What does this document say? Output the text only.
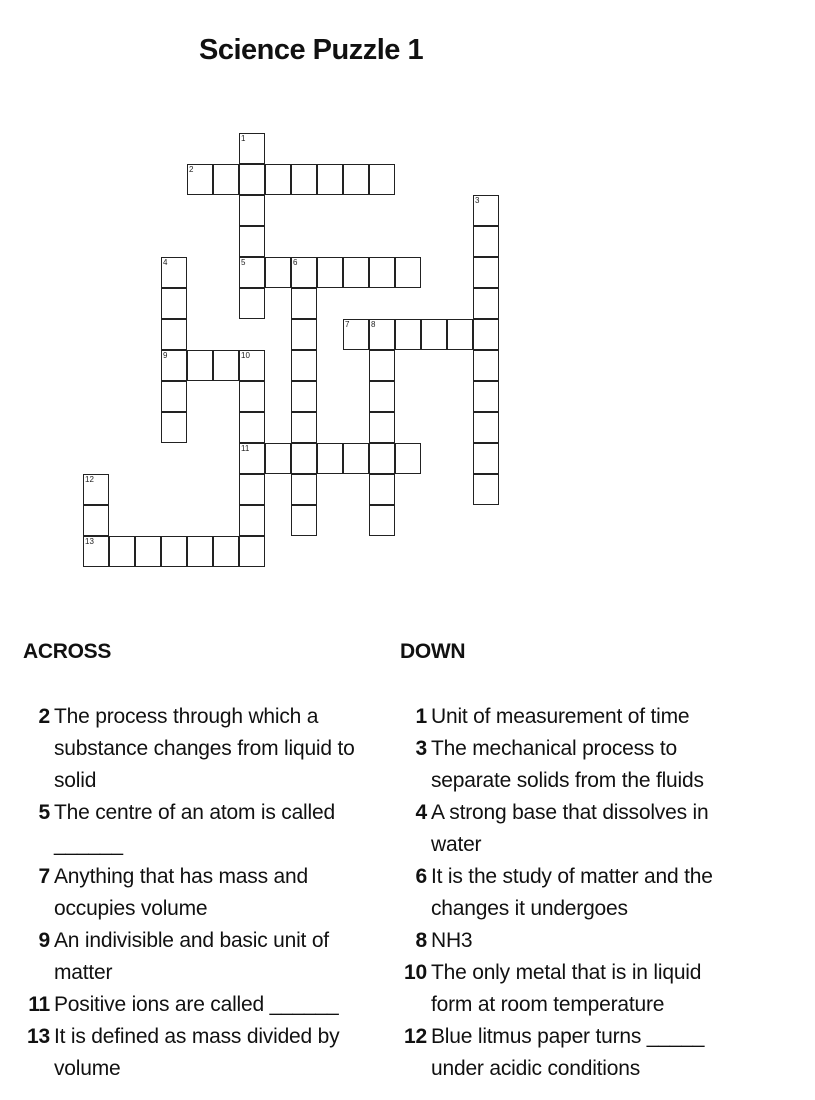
Science Puzzle 1
1
5
2
3
4
9
6
7	8
10
11
12
13
ACROSS	DOWN
2 The process through which a substance changes from liquid to solid
5 The centre of an atom is called ______
7 Anything that has mass and occupies volume
9 An indivisible and basic unit of matter
11 Positive ions are called ______
13 It is defined as mass divided by volume
1 Unit of measurement of time
3 The mechanical process to separate solids from the fluids
4 A strong base that dissolves in water
6 It is the study of matter and the changes it undergoes
8 NH3
10 The only metal that is in liquid form at room temperature
12 Blue litmus paper turns _____ under acidic conditions
